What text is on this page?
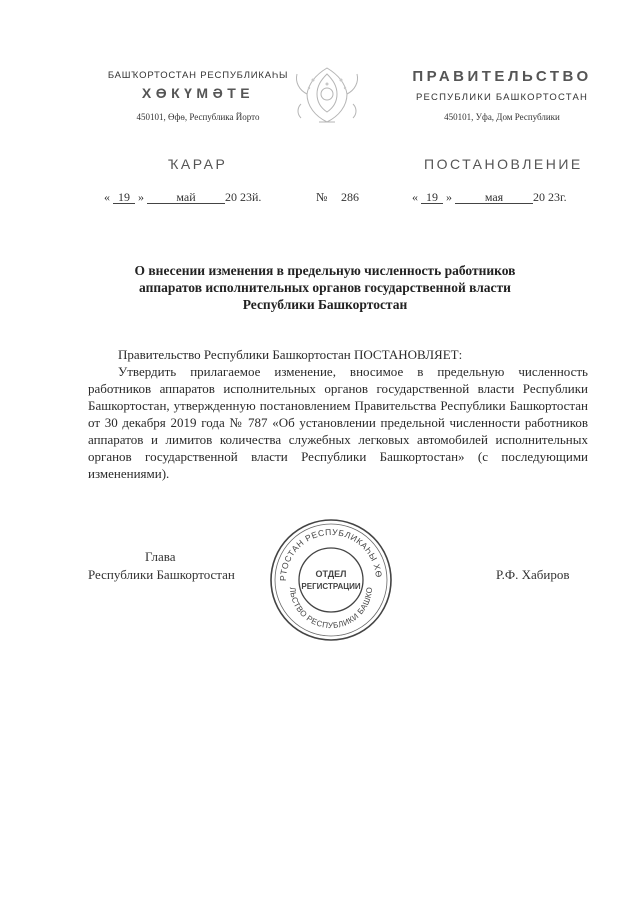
БАШҠОРТОСТАН РЕСПУБЛИКАҺЫ
ХӨКҮМӘТЕ
450101, Өфө, Республика Йорто
ПРАВИТЕЛЬСТВО
РЕСПУБЛИКИ БАШКОРТОСТАН
450101, Уфа, Дом Республики
ҠАРАР	ПОСТАНОВЛЕНИЕ
« 19 »	май 20 23й.	№ 286	« 19 »	мая 20 23г.
О внесении изменения в предельную численность работников
аппаратов исполнительных органов государственной власти
Республики Башкортостан

Правительство Республики Башкортостан ПОСТАНОВЛЯЕТ:

Утвердить прилагаемое изменение, вносимое в предельную численность работников аппаратов исполнительных органов государственной власти Республики Башкортостан, утвержденную постановлением Правительства Республики Башкортостан от 30 декабря 2019 года № 787 «Об установлении предельной численности работников аппаратов и лимитов количества служебных легковых автомобилей исполнительных органов государственной власти Республики Башкортостан» (с последующими изменениями).

Глава
Республики Башкортостан	Р.Ф. Хабиров
РТОСТАН РЕСПУБЛИКАҺЫ ХӨ
ЛЬСТВО РЕСПУБЛИКИ БАШКО
ОТДЕЛ
РЕГИСТРАЦИИ
